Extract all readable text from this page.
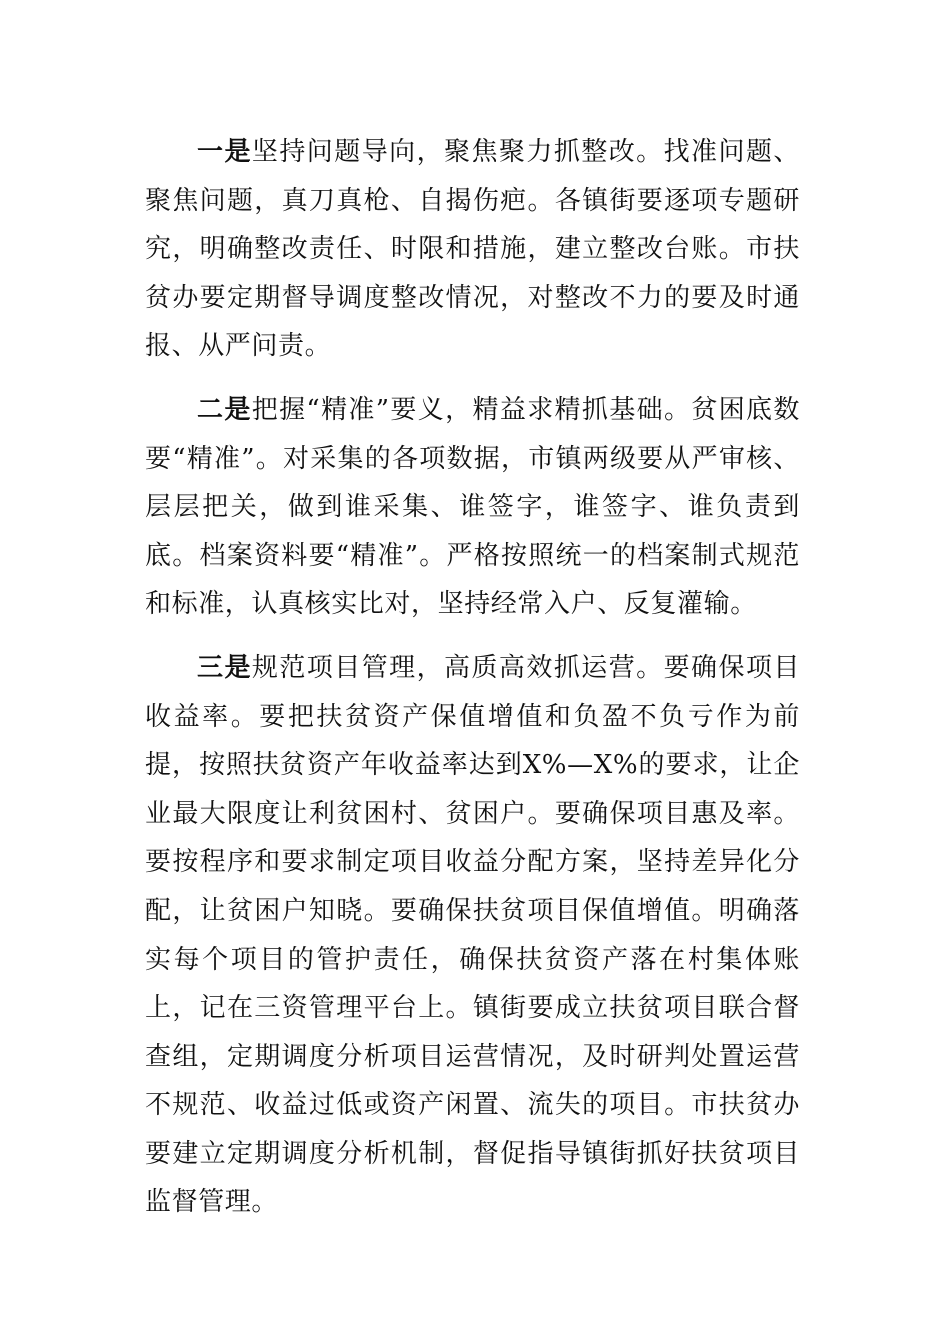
一是坚持问题导向，聚焦聚力抓整改。找准问题、聚焦问题，真刀真枪、自揭伤疤。各镇街要逐项专题研究，明确整改责任、时限和措施，建立整改台账。市扶贫办要定期督导调度整改情况，对整改不力的要及时通报、从严问责。

二是把握“精准”要义，精益求精抓基础。贫困底数要“精准”。对采集的各项数据，市镇两级要从严审核、层层把关，做到谁采集、谁签字，谁签字、谁负责到底。档案资料要“精准”。严格按照统一的档案制式规范和标准，认真核实比对，坚持经常入户、反复灌输。

三是规范项目管理，高质高效抓运营。要确保项目收益率。要把扶贫资产保值增值和负盈不负亏作为前提，按照扶贫资产年收益率达到X%—X%的要求，让企业最大限度让利贫困村、贫困户。要确保项目惠及率。要按程序和要求制定项目收益分配方案，坚持差异化分配，让贫困户知晓。要确保扶贫项目保值增值。明确落实每个项目的管护责任，确保扶贫资产落在村集体账上，记在三资管理平台上。镇街要成立扶贫项目联合督查组，定期调度分析项目运营情况，及时研判处置运营不规范、收益过低或资产闲置、流失的项目。市扶贫办要建立定期调度分析机制，督促指导镇街抓好扶贫项目监督管理。
